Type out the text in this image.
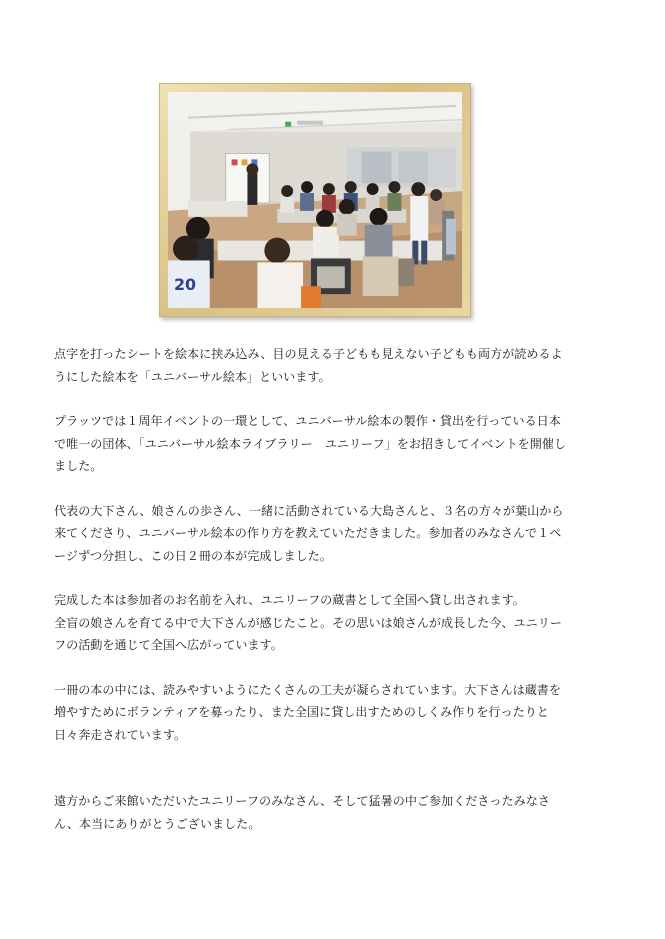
20

点字を打ったシートを絵本に挟み込み、目の見える子どもも見えない子どもも両方が読めるよ
うにした絵本を「ユニバーサル絵本」といいます。

プラッツでは１周年イベントの一環として、ユニバーサル絵本の製作・貸出を行っている日本
で唯一の団体、「ユニバーサル絵本ライブラリー　ユニリーフ」をお招きしてイベントを開催し
ました。

代表の大下さん、娘さんの歩さん、一緒に活動されている大島さんと、３名の方々が葉山から
来てくださり、ユニバーサル絵本の作り方を教えていただきました。参加者のみなさんで１ペ
ージずつ分担し、この日２冊の本が完成しました。

完成した本は参加者のお名前を入れ、ユニリーフの蔵書として全国へ貸し出されます。
全盲の娘さんを育てる中で大下さんが感じたこと。その思いは娘さんが成長した今、ユニリー
フの活動を通じて全国へ広がっています。

一冊の本の中には、読みやすいようにたくさんの工夫が凝らされています。大下さんは蔵書を
増やすためにボランティアを募ったり、また全国に貸し出すためのしくみ作りを行ったりと
日々奔走されています。

遠方からご来館いただいたユニリーフのみなさん、そして猛暑の中ご参加くださったみなさ
ん、本当にありがとうございました。
